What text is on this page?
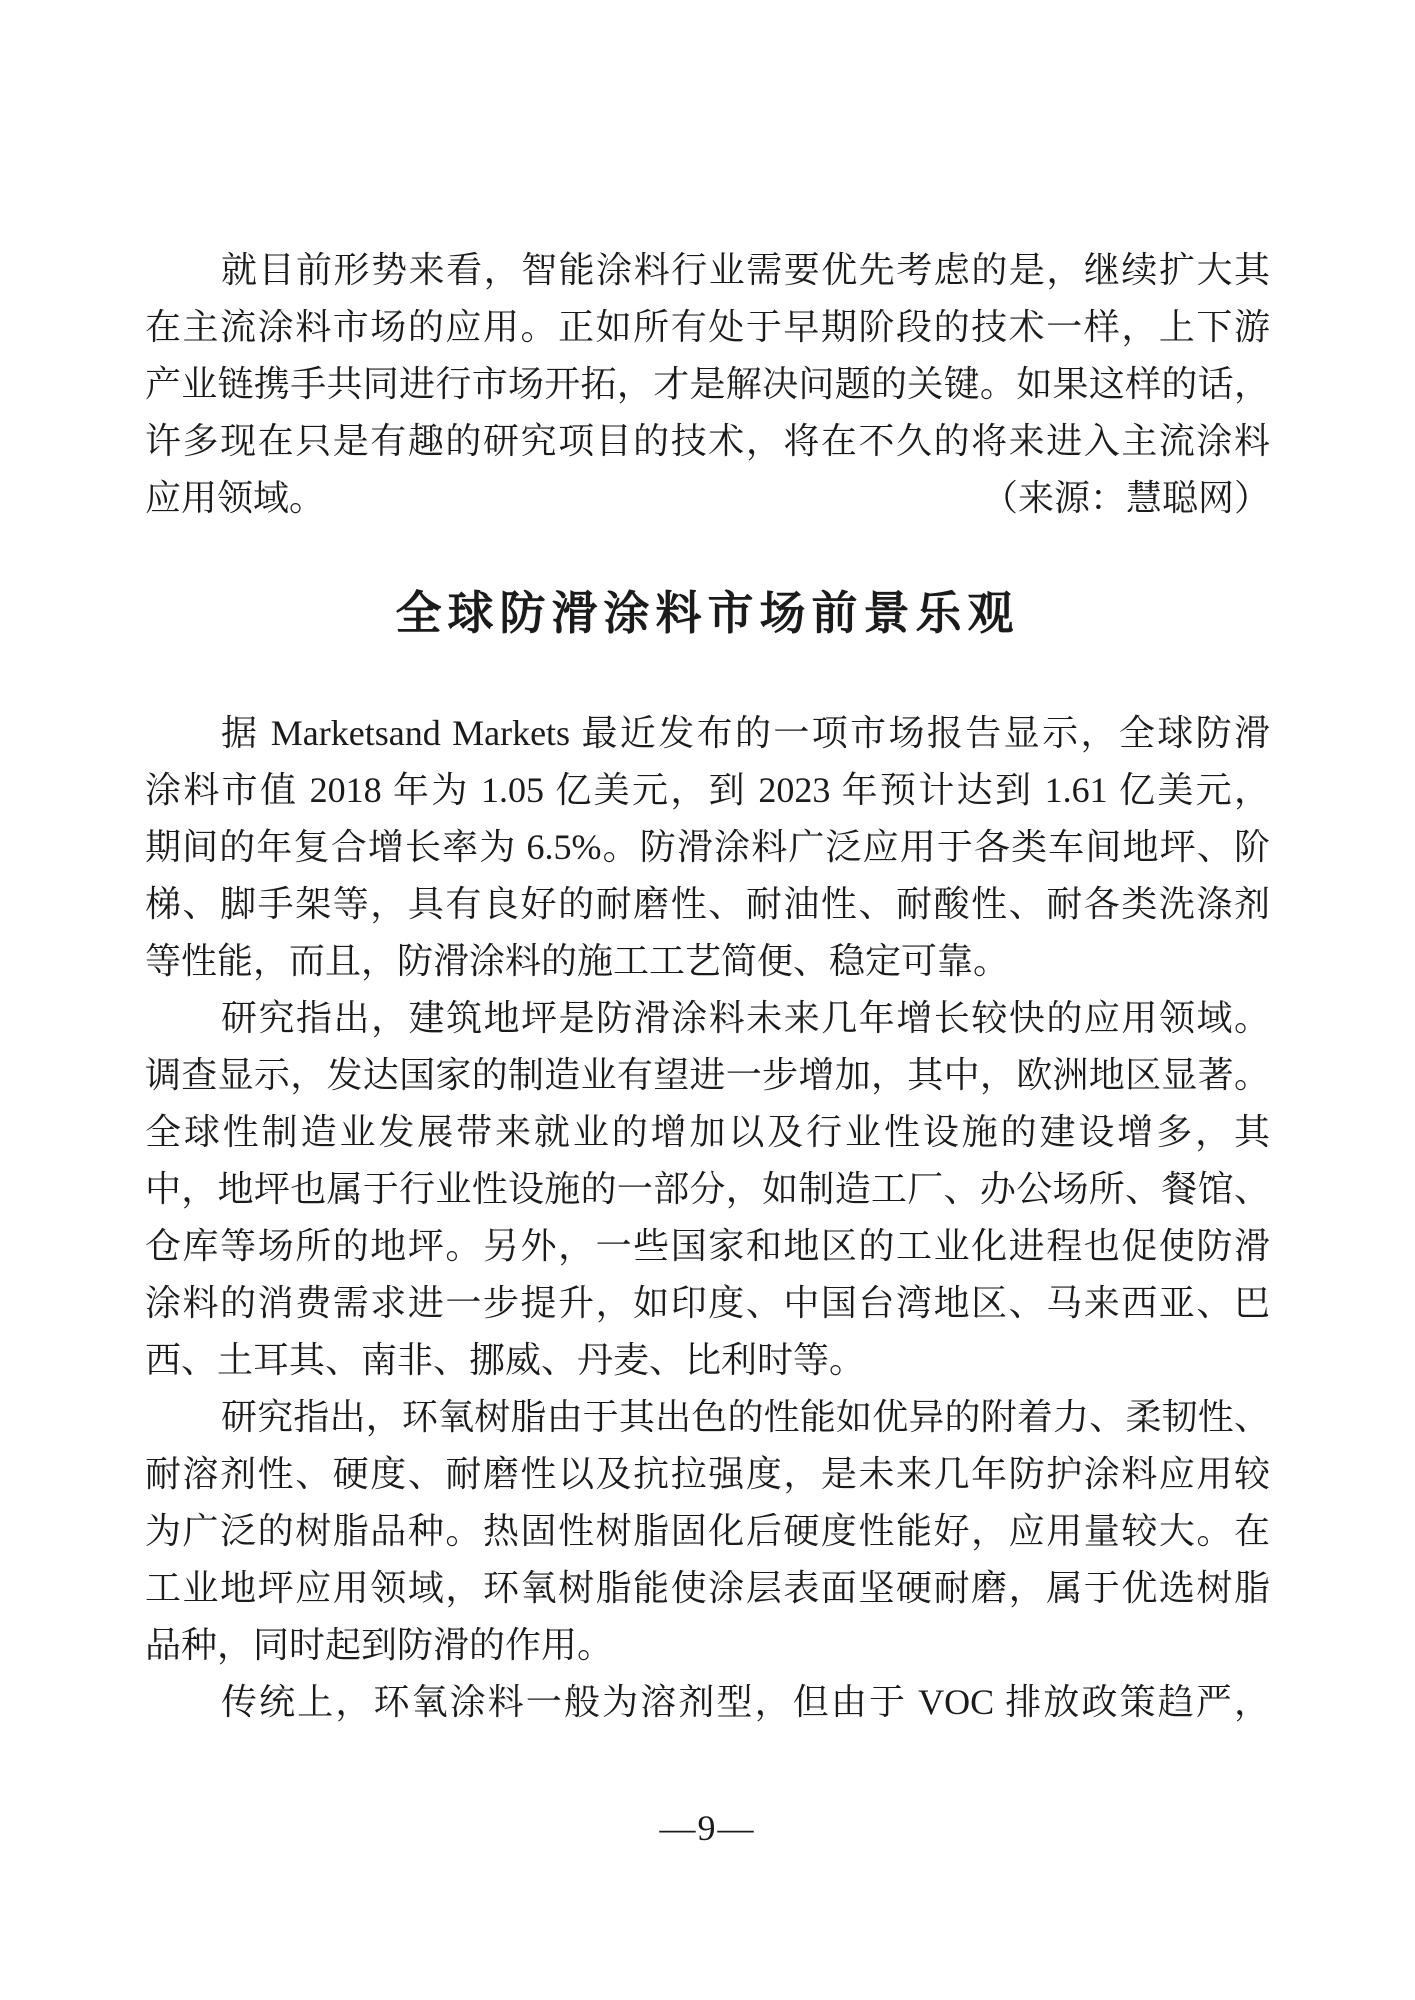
就目前形势来看，智能涂料行业需要优先考虑的是，继续扩大其
在主流涂料市场的应用。正如所有处于早期阶段的技术一样，上下游
产业链携手共同进行市场开拓，才是解决问题的关键。如果这样的话，
许多现在只是有趣的研究项目的技术，将在不久的将来进入主流涂料
应用领域。	（来源：慧聪网）
全球防滑涂料市场前景乐观
据 Marketsand Markets 最近发布的一项市场报告显示，全球防滑
涂料市值 2018 年为 1.05 亿美元，到 2023 年预计达到 1.61 亿美元，
期间的年复合增长率为 6.5%。防滑涂料广泛应用于各类车间地坪、阶
梯、脚手架等，具有良好的耐磨性、耐油性、耐酸性、耐各类洗涤剂
等性能，而且，防滑涂料的施工工艺简便、稳定可靠。
研究指出，建筑地坪是防滑涂料未来几年增长较快的应用领域。
调查显示，发达国家的制造业有望进一步增加，其中，欧洲地区显著。
全球性制造业发展带来就业的增加以及行业性设施的建设增多，其
中，地坪也属于行业性设施的一部分，如制造工厂、办公场所、餐馆、
仓库等场所的地坪。另外，一些国家和地区的工业化进程也促使防滑
涂料的消费需求进一步提升，如印度、中国台湾地区、马来西亚、巴
西、土耳其、南非、挪威、丹麦、比利时等。
研究指出，环氧树脂由于其出色的性能如优异的附着力、柔韧性、
耐溶剂性、硬度、耐磨性以及抗拉强度，是未来几年防护涂料应用较
为广泛的树脂品种。热固性树脂固化后硬度性能好，应用量较大。在
工业地坪应用领域，环氧树脂能使涂层表面坚硬耐磨，属于优选树脂
品种，同时起到防滑的作用。
传统上，环氧涂料一般为溶剂型，但由于 VOC 排放政策趋严，
—9—
